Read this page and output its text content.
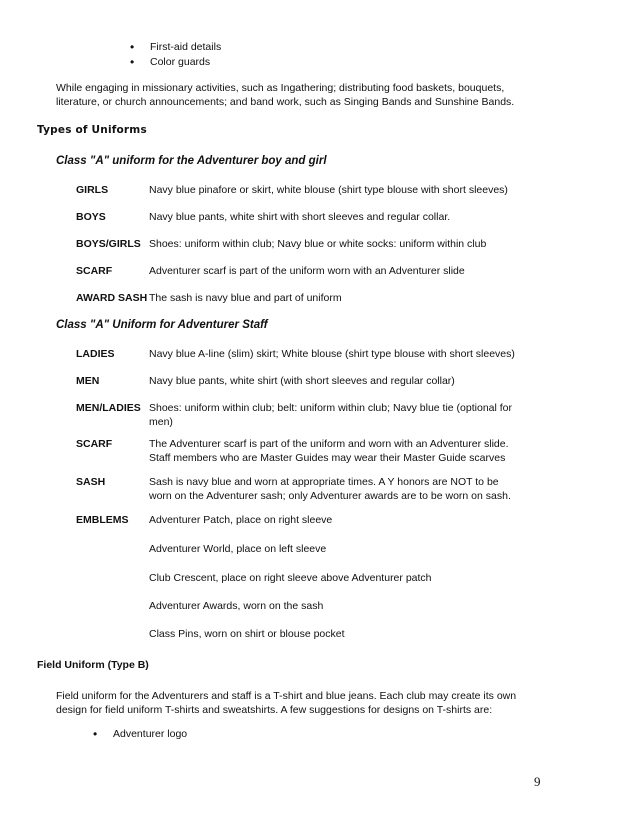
• First-aid details
• Color guards
While engaging in missionary activities, such as Ingathering; distributing food baskets, bouquets, literature, or church announcements; and band work, such as Singing Bands and Sunshine Bands.
Types of Uniforms
Class "A" uniform for the Adventurer boy and girl
GIRLS	Navy blue pinafore or skirt, white blouse (shirt type blouse with short sleeves)
BOYS	Navy blue pants, white shirt with short sleeves and regular collar.
BOYS/GIRLS Shoes: uniform within club; Navy blue or white socks: uniform within club
SCARF	Adventurer scarf is part of the uniform worn with an Adventurer slide
AWARD SASH The sash is navy blue and part of uniform
Class "A" Uniform for Adventurer Staff
LADIES	Navy blue A-line (slim) skirt; White blouse (shirt type blouse with short sleeves)
MEN	Navy blue pants, white shirt (with short sleeves and regular collar)
MEN/LADIES Shoes: uniform within club; belt: uniform within club; Navy blue tie (optional for men)
SCARF	The Adventurer scarf is part of the uniform and worn with an Adventurer slide. Staff members who are Master Guides may wear their Master Guide scarves
SASH	Sash is navy blue and worn at appropriate times. A Y honors are NOT to be worn on the Adventurer sash; only Adventurer awards are to be worn on sash.
EMBLEMS Adventurer Patch, place on right sleeve
Adventurer World, place on left sleeve
Club Crescent, place on right sleeve above Adventurer patch
Adventurer Awards, worn on the sash
Class Pins, worn on shirt or blouse pocket
Field Uniform (Type B)
Field uniform for the Adventurers and staff is a T-shirt and blue jeans. Each club may create its own design for field uniform T-shirts and sweatshirts. A few suggestions for designs on T-shirts are:
• Adventurer logo
9
